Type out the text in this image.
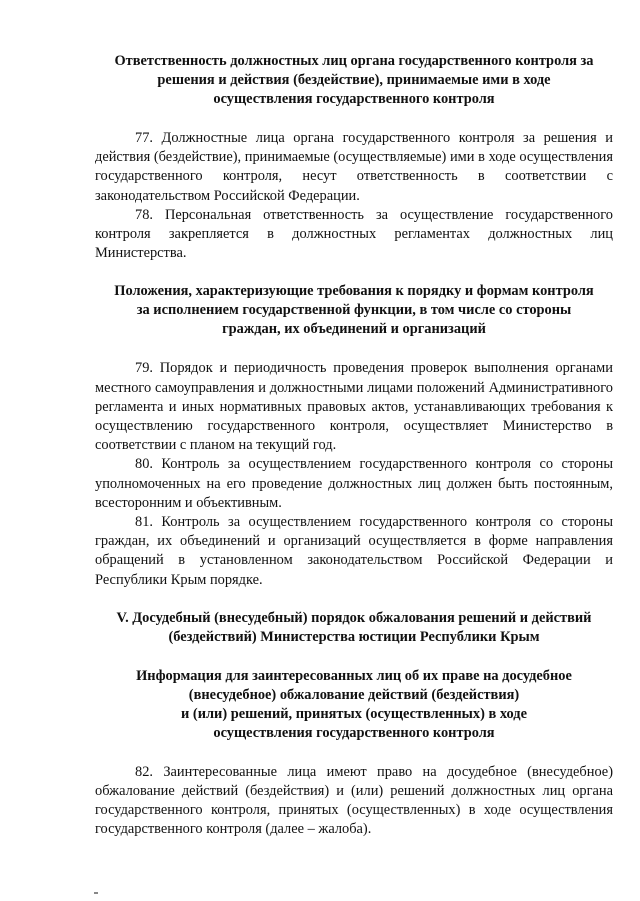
Ответственность должностных лиц органа государственного контроля за
решения и действия (бездействие), принимаемые ими в ходе
осуществления государственного контроля

77. Должностные лица органа государственного контроля за решения и действия (бездействие), принимаемые (осуществляемые) ими в ходе осуществления государственного контроля, несут ответственность в соответствии с законодательством Российской Федерации.

78. Персональная ответственность за осуществление государственного контроля закрепляется в должностных регламентах должностных лиц Министерства.

Положения, характеризующие требования к порядку и формам контроля
за исполнением государственной функции, в том числе со стороны
граждан, их объединений и организаций

79. Порядок и периодичность проведения проверок выполнения органами местного самоуправления и должностными лицами положений Административного регламента и иных нормативных правовых актов, устанавливающих требования к осуществлению государственного контроля, осуществляет Министерство в соответствии с планом на текущий год.

80. Контроль за осуществлением государственного контроля со стороны уполномоченных на его проведение должностных лиц должен быть постоянным, всесторонним и объективным.

81. Контроль за осуществлением государственного контроля со стороны граждан, их объединений и организаций осуществляется в форме направления обращений в установленном законодательством Российской Федерации и Республики Крым порядке.

V. Досудебный (внесудебный) порядок обжалования решений и действий
(бездействий) Министерства юстиции Республики Крым
Информация для заинтересованных лиц об их праве на досудебное
(внесудебное) обжалование действий (бездействия)
и (или) решений, принятых (осуществленных) в ходе
осуществления государственного контроля

82. Заинтересованные лица имеют право на досудебное (внесудебное) обжалование действий (бездействия) и (или) решений должностных лиц органа государственного контроля, принятых (осуществленных) в ходе осуществления государственного контроля (далее – жалоба).
